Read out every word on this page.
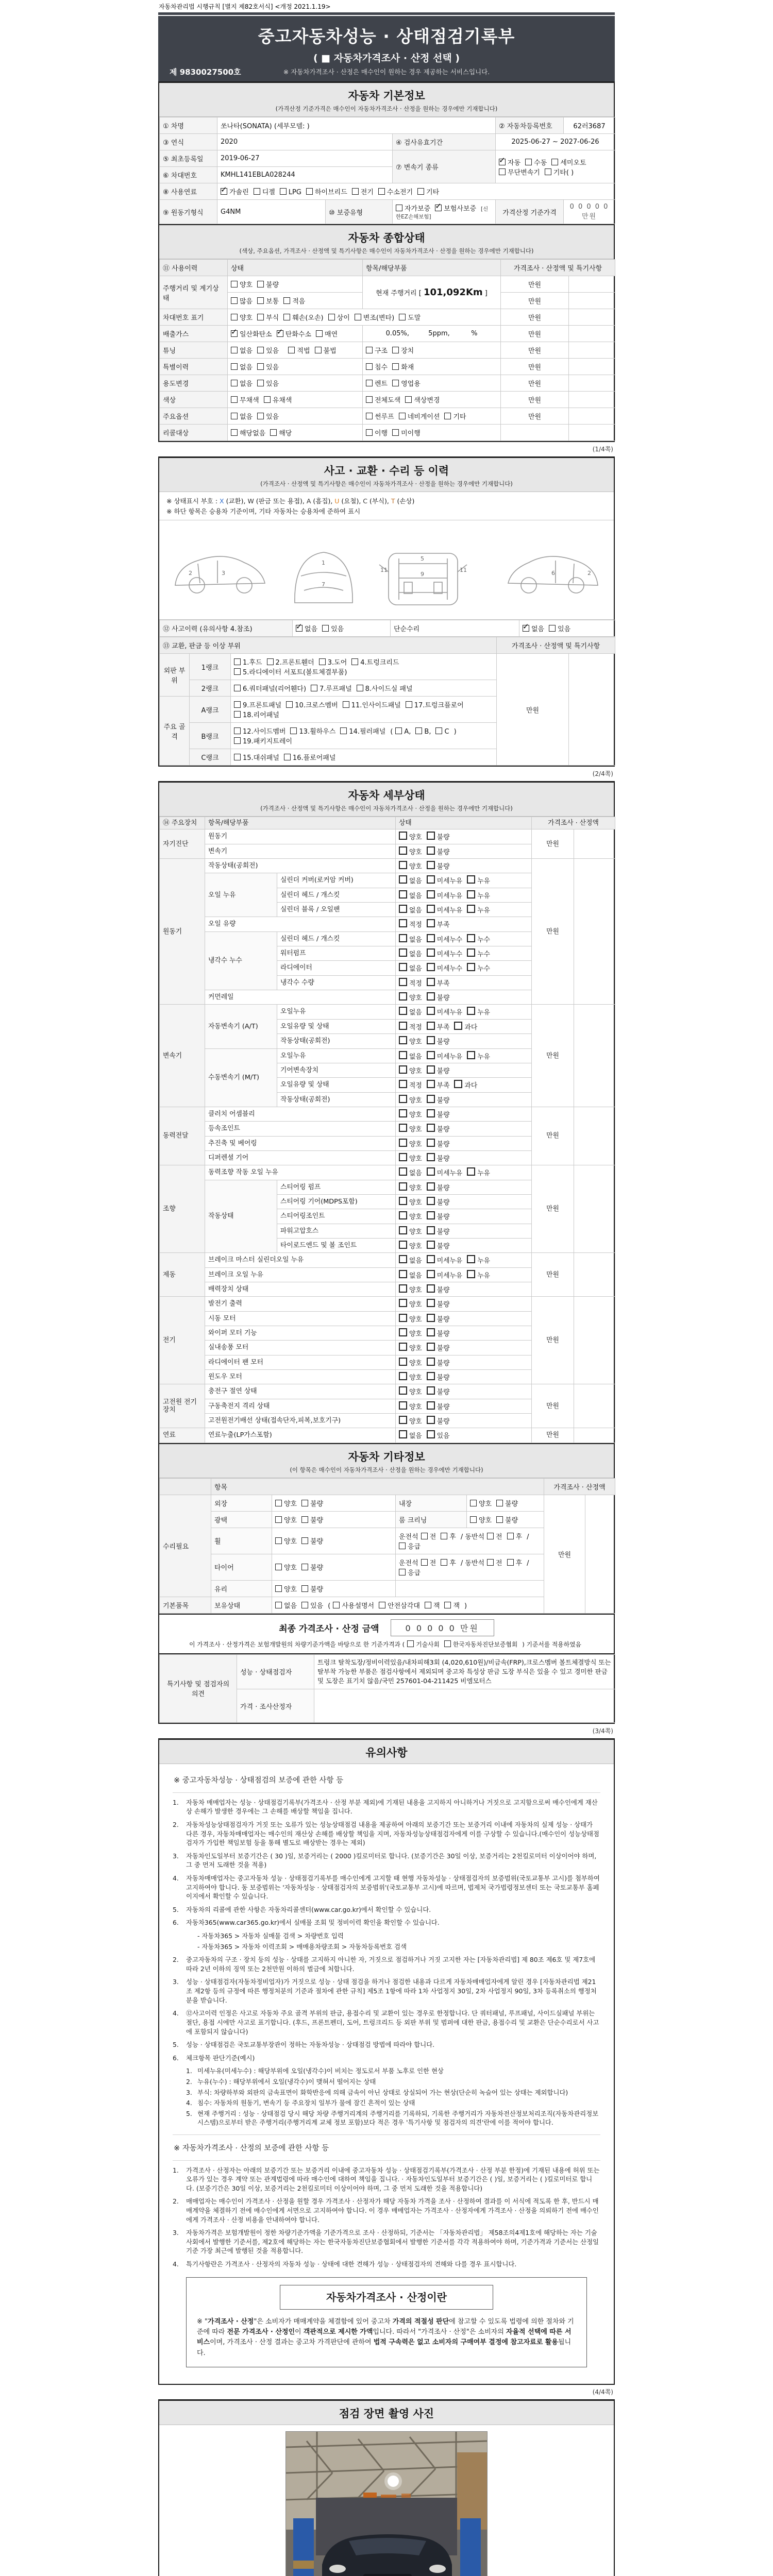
자동차관리법 시행규칙 [별지 제82호서식] <개정 2021.1.19>
중고자동차성능 · 상태점검기록부
( ■ 자동차가격조사 · 산정 선택 )
※ 자동차가격조사 · 산정은 매수인이 원하는 경우 제공하는 서비스입니다.
제 9830027500호
자동차 기본정보
(가격산정 기준가격은 매수인이 자동차가격조사 · 산정을 원하는 경우에만 기재합니다)
① 차명	쏘나타(SONATA) (세부모델: )			② 자동차등록번호	62러3687
③ 연식	2020		④ 검사유효기간	2025-06-27 ~ 2027-06-26	
⑤ 최초등록일	2019-06-27		⑦ 변속기 종류	✓자동 수동 세미오토무단변속기 기타( )
⑥ 차대번호	KMHL141EBLA028244				
⑧ 사용연료	✓가솔린 디젤 LPG 하이브리드 전기 수소전기 기타
⑨ 원동기형식	G4NM	⑩ 보증유형	자가보증 ✓ 보험사보증 [신한EZ손해보험]	가격산정 기준가격	0 0 0 0 0 만원
자동차 종합상태
(색상, 주요옵션, 가격조사 · 산정액 및 특기사항은 매수인이 자동차가격조사 · 산정을 원하는 경우에만 기재합니다)
⑪ 사용이력	상태	항목/해당부품	가격조사 · 산정액 및 특기사항	
주행거리 및 계기상태	양호 불량	현재 주행거리 [ 101,092Km ]	만원	
	많음 보통 적음		만원	
차대번호 표기	양호 부식 훼손(오손) 상이 변조(변타) 도말		만원	
배출가스	✓일산화탄소 ✓ 탄화수소 매연	0.05%,         5ppm,          %	만원	
튜닝	없음 있음 적법 불법	구조 장치	만원	
특별이력	없음 있음	침수 화재	만원	
용도변경	없음 있음	렌트 영업용	만원	
색상	무채색 유채색	전체도색 색상변경	만원	
주요옵션	없음 있음	썬루프 네비게이션 기타	만원	
리콜대상	해당없음 해당	이행 미이행		
(1/4쪽)
사고 · 교환 · 수리 등 이력
(가격조사 · 산정액 및 특기사항은 매수인이 자동차가격조사 · 산정을 원하는 경우에만 기재합니다)
※ 상태표시 부호 : X (교환), W (판금 또는 용접), A (흠집), U (요철), C (부식), T (손상)
※ 하단 항목은 승용차 기준이며, 기타 자동차는 승용차에 준하여 표시
2	3
1
7
5
9
11	11	2
6
⑫ 사고이력 (유의사항 4.참조)	✓없음 있음	단순수리	✓없음 있음
⑬ 교환, 판금 등 이상 부위			가격조사 · 산정액 및 특기사항	
외판 부위	1랭크	1.후드 2.프론트휀더 3.도어 4.트렁크리드5.라디에이터 서포트(볼트체결부품)	만원	
	2랭크	6.쿼터패널(리어휀다) 7.루프패널 8.사이드실 패널		
주요 골격	A랭크	9.프론트패널 10.크로스멤버 11.인사이드패널 17.트렁크플로어18.리어패널		
	B랭크	12.사이드멤버 13.휠하우스 14.필러패널 ( A, B, C )19.패키지트레이		
	C랭크	15.대쉬패널 16.플로어패널		
(2/4쪽)
자동차 세부상태
(가격조사 · 산정액 및 특기사항은 매수인이 자동차가격조사 · 산정을 원하는 경우에만 기재합니다)
⑭ 주요장치	항목/해당부품		상태	가격조사 · 산정액	
자기진단	원동기		양호 불량	만원	
	변속기		양호 불량		
원동기	작동상태(공회전)		양호 불량	만원	
	오일 누유	실린더 커버(로커암 커버)	없음 미세누유 누유		
		실린더 헤드 / 개스킷	없음 미세누유 누유		
		실린더 블록 / 오일팬	없음 미세누유 누유		
	오일 유량		적정 부족		
	냉각수 누수	실린더 헤드 / 개스킷	없음 미세누수 누수		
		워터펌프	없음 미세누수 누수		
		라디에이터	없음 미세누수 누수		
		냉각수 수량	적정 부족		
	커먼레일		양호 불량		
변속기	자동변속기 (A/T)	오일누유	없음 미세누유 누유	만원	
		오일유량 및 상태	적정 부족 과다		
		작동상태(공회전)	양호 불량		
	수동변속기 (M/T)	오일누유	없음 미세누유 누유		
		기어변속장치	양호 불량		
		오일유량 및 상태	적정 부족 과다		
		작동상태(공회전)	양호 불량		
동력전달	클러치 어셈블리		양호 불량	만원	
	등속조인트		양호 불량		
	추진축 및 베어링		양호 불량		
	디퍼렌셜 기어		양호 불량		
조향	동력조향 작동 오일 누유		없음 미세누유 누유	만원	
	작동상태	스티어링 펌프	양호 불량		
		스티어링 기어(MDPS포함)	양호 불량		
		스티어링조인트	양호 불량		
		파워고압호스	양호 불량		
		타이로드엔드 및 볼 조인트	양호 불량		
제동	브레이크 마스터 실린더오일 누유		없음 미세누유 누유	만원	
	브레이크 오일 누유		없음 미세누유 누유		
	배력장치 상태		양호 불량		
전기	발전기 출력		양호 불량	만원	
	시동 모터		양호 불량		
	와이퍼 모터 기능		양호 불량		
	실내송풍 모터		양호 불량		
	라디에이터 팬 모터		양호 불량		
	윈도우 모터		양호 불량		
고전원 전기장치	충전구 절연 상태		양호 불량	만원	
	구동축전지 격리 상태		양호 불량		
	고전원전기배선 상태(접속단자,피복,보호기구)		양호 불량		
연료	연료누출(LP가스포함)		없음 있음	만원	
자동차 기타정보
(이 항목은 매수인이 자동차가격조사 · 산정을 원하는 경우에만 기재합니다)
	항목				가격조사 · 산정액	
수리필요	외장	양호 불량	내장	양호 불량	만원	
	광택	양호 불량	룸 크리닝	양호 불량		
	휠	양호 불량	운전석 전 후 / 동반석 전 후 /응급			
	타이어	양호 불량	운전석 전 후 / 동반석 전 후 /응급			
	유리	양호 불량				
기본품목	보유상태	없음 있음 ( 사용설명서 안전삼각대 잭 잭 )				
최종 가격조사 · 산정 금액	0 0 0 0 0 만원
이 가격조사 · 산정가격은 보험개발원의 차량기준가액을 바탕으로 한 기준가격과 ( 기술사회 한국자동차진단보증협회 ) 기준서를 적용하였음
특기사항 및 점검자의 의견	성능 · 상태점검자	트렁크 탈착도장/정비이력있음/내차피해3회 (4,020,610원)/비금속(FRP),크로스멤버 볼트체결방식 또는 탈부착 가능한 부품은 점검사항에서 제외되며 중고차 특성상 판금 도장 부식은 있을 수 있고 경미한 판금 및 도장은 표기치 않음/국민 257601-04-211425 비엠모터스
	가격 · 조사산정자	
(3/4쪽)
유의사항
※ 중고자동차성능 · 상태점검의 보증에 관한 사항 등
1.	자동차 매매업자는 성능 · 상태점검기록부(가격조사 · 산정 부분 제외)에 기재된 내용을 고지하지 아니하거나 거짓으로 고지함으로써 매수인에게 재산상 손해가 발생한 경우에는 그 손해를 배상할 책임을 집니다.
2.	자동차성능상태점검자가 거짓 또는 오류가 있는 성능상태점검 내용을 제공하여 아래의 보증기간 또는 보증거리 이내에 자동차의 실제 성능 · 상태가 다른 경우, 자동차매매업자는 매수인의 재산상 손해를 배상할 책임을 지며, 자동차성능상태점검자에게 이를 구상할 수 있습니다.(매수인이 성능상태점검자가 가입한 책임보험 등을 통해 별도로 배상받는 경우는 제외)
3.	자동차인도일부터 보증기간은 ( 30 )일, 보증거리는 ( 2000 )킬로미터로 합니다. (보증기간은 30일 이상, 보증거리는 2천킬로미터 이상이어야 하며, 그 중 먼저 도래한 것을 적용)
4.	자동차매매업자는 중고자동차 성능 · 상태점검기록부를 매수인에게 고지할 때 현행 자동차성능 · 상태점검자의 보증범위(국토교통부 고시)를 첨부하여 고지하여야 합니다. 동 보증범위는 '자동차성능 · 상태점검자의 보증범위'(국토교통부 고시)에 따르며, 법제처 국가법령정보센터 또는 국토교통부 홈페이지에서 확인할 수 있습니다.
5.	자동차의 리콜에 관한 사항은 자동차리콜센터(www.car.go.kr)에서 확인할 수 있습니다.
6.	자동차365(www.car365.go.kr)에서 실매물 조회 및 정비이력 확인을 확인할 수 있습니다.
- 자동차365 > 자동차 실매물 검색 > 차량번호 입력
- 자동차365 > 자동차 이력조회 > 매매용차량조회 > 자동차등록번호 검색
2.	중고자동차의 구조 · 장치 등의 성능 · 상태를 고지하지 아니한 자, 거짓으로 점검하거나 거짓 고지한 자는 [자동차관리법] 제 80조 제6호 및 제7호에 따라 2년 이하의 징역 또는 2천만원 이하의 벌금에 처합니다.
3.	성능 · 상태점검자(자동차정비업자)가 거짓으로 성능 · 상태 점검을 하거나 점검한 내용과 다르게 자동차매매업자에게 알린 경우 [자동차관리법 제21조 제2항 등의 규정에 따른 행정처분의 기준과 절차에 관한 규칙] 제5조 1항에 따라 1차 사업정지 30일, 2차 사업정지 90일, 3차 등록취소의 행정처분을 받습니다.
4.	⑫사고이력 인정은 사고로 자동차 주요 골격 부위의 판금, 용접수리 및 교환이 있는 경우로 한정합니다. 단 쿼터패널, 루프패널, 사이드실패널 부위는 절단, 용접 시에만 사고로 표기합니다. (후드, 프론트펜더, 도어, 트렁크리드 등 외판 부위 및 범퍼에 대한 판금, 용접수리 및 교환은 단순수리로서 사고에 포함되지 않습니다)
5.	성능 · 상태점검은 국토교통부장관이 정하는 자동차성능 · 상태점검 방법에 따라야 합니다.
6.	체크항목 판단기준(예시)
1. 미세누유(미세누수) : 해당부위에 오일(냉각수)이 비치는 정도로서 부품 노후로 인한 현상
2. 누유(누수) : 해당부위에서 오일(냉각수)이 맺혀서 떨어지는 상태
3. 부식: 차량하부와 외판의 금속표면이 화학반응에 의해 금속이 아닌 상태로 상실되어 가는 현상(단순히 녹슬어 있는 상태는 제외합니다)
4. 침수: 자동차의 원동기, 변속기 등 주요장치 일부가 물에 잠긴 흔적이 있는 상태
5. 현재 주행거리 : 성능 · 상태점검 당시 해당 차량 주행거리계의 주행거리를 기록하되, 기록한 주행거리가 자동차전산정보처리조직(자동차관리정보시스템)으로부터 받은 주행거리(주행거리계 교체 정보 포함)보다 적은 경우 '특기사항 및 점검자의 의견'란에 이를 적어야 합니다.
※ 자동차가격조사 · 산정의 보증에 관한 사항 등
1.	가격조사 · 산정자는 아래의 보증기간 또는 보증거리 이내에 중고자동차 성능 · 상태점검기록부(가격조사 · 산정 부분 한정)에 기재된 내용에 허위 또는 오류가 있는 경우 계약 또는 관계법령에 따라 매수인에 대하여 책임을 집니다. · 자동차인도일부터 보증기간은 ( )일, 보증거리는 ( )킬로미터로 합니다. (보증기간은 30일 이상, 보증거리는 2천킬로미터 이상이어야 하며, 그 중 먼저 도래한 것을 적용합니다)
2.	매매업자는 매수인이 가격조사 · 산정을 원할 경우 가격조사 · 산정자가 해당 자동차 가격을 조사 · 산정하여 결과를 이 서식에 적도록 한 후, 반드시 매매계약을 체결하기 전에 매수인에게 서면으로 고지하여야 합니다. 이 경우 매매업자는 가격조사 · 산정자에게 가격조사 · 산정을 의뢰하기 전에 매수인에게 가격조사 · 산정 비용을 안내하여야 합니다.
3.	자동차가격은 보험개발원이 정한 차량기준가액을 기준가격으로 조사 · 산정하되, 기준서는 「자동차관리법」 제58조의4제1호에 해당하는 자는 기술사회에서 발행한 기준서를, 제2호에 해당하는 자는 한국자동차진단보증협회에서 발행한 기준서를 각각 적용하여야 하며, 기준가격과 기준서는 산정일 기준 가장 최근에 발행된 것을 적용합니다.
4.	특기사항란은 가격조사 · 산정자의 자동차 성능 · 상태에 대한 견해가 성능 · 상태점검자의 견해와 다를 경우 표시합니다.
자동차가격조사 · 산정이란
※ "가격조사 · 산정"은 소비자가 매매계약을 체결함에 있어 중고차 가격의 적절성 판단에 참고할 수 있도록 법령에 의한 절차와 기준에 따라 전문 가격조사 · 산정인이 객관적으로 제시한 가액입니다. 따라서 "가격조사 · 산정"은 소비자의 자율적 선택에 따른 서비스이며, 가격조사 · 산정 결과는 중고차 가격판단에 관하여 법적 구속력은 없고 소비자의 구매여부 결정에 참고자료로 활용됩니다.
(4/4쪽)
점검 장면 촬영 사진
